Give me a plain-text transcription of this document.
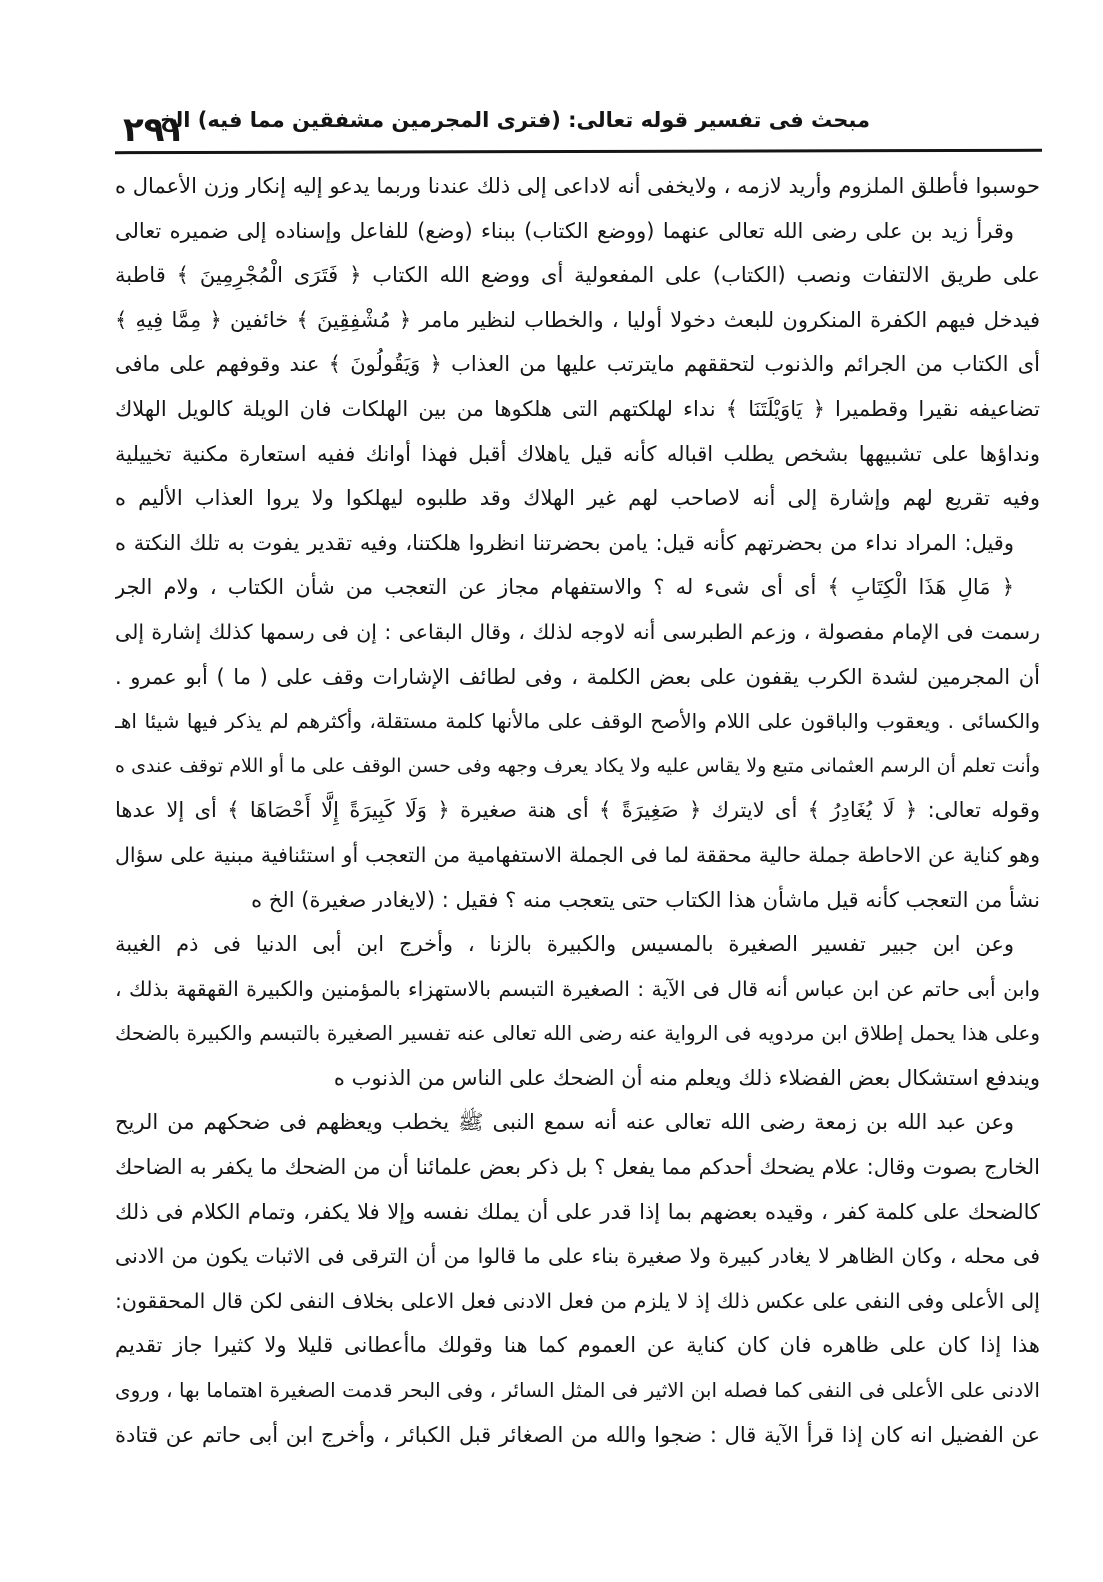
مبحث فى تفسير قوله تعالى: (فترى المجرمين مشفقين مما فيه) الخ
٢٩١
حوسبوا فأطلق الملزوم وأريد لازمه ، ولايخفى أنه لاداعى إلى ذلك عندنا وربما يدعو إليه إنكار وزن الأعمال ه
وقرأ زيد بن على رضى الله تعالى عنهما (ووضع الكتاب) ببناء (وضع) للفاعل وإسناده إلى ضميره تعالى
على طريق الالتفات ونصب (الكتاب) على المفعولية أى ووضع الله الكتاب ﴿ فَتَرَى الْمُجْرِمِينَ ﴾ قاطبة
فيدخل فيهم الكفرة المنكرون للبعث دخولا أوليا ، والخطاب لنظير مامر ﴿ مُشْفِقِينَ ﴾ خائفين ﴿ مِمَّا فِيهِ ﴾
أى الكتاب من الجرائم والذنوب لتحققهم مايترتب عليها من العذاب ﴿ وَيَقُولُونَ ﴾ عند وقوفهم على مافى
تضاعيفه نقيرا وقطميرا ﴿ يَاوَيْلَتَنَا ﴾ نداء لهلكتهم التى هلكوها من بين الهلكات فان الويلة كالويل الهلاك
ونداؤها على تشبيهها بشخص يطلب اقباله كأنه قيل ياهلاك أقبل فهذا أوانك ففيه استعارة مكنية تخييلية
وفيه تقريع لهم وإشارة إلى أنه لاصاحب لهم غير الهلاك وقد طلبوه ليهلكوا ولا يروا العذاب الأليم ه
وقيل: المراد نداء من بحضرتهم كأنه قيل: يامن بحضرتنا انظروا هلكتنا، وفيه تقدير يفوت به تلك النكتة ه
﴿ مَالِ هَذَا الْكِتَابِ ﴾ أى أى شىء له ؟ والاستفهام مجاز عن التعجب من شأن الكتاب ، ولام الجر
رسمت فى الإمام مفصولة ، وزعم الطبرسى أنه لاوجه لذلك ، وقال البقاعى : إن فى رسمها كذلك إشارة إلى
أن المجرمين لشدة الكرب يقفون على بعض الكلمة ، وفى لطائف الإشارات وقف على ( ما ) أبو عمرو .
والكسائى . ويعقوب والباقون على اللام والأصح الوقف على مالأنها كلمة مستقلة، وأكثرهم لم يذكر فيها شيئا اهـ
وأنت تعلم أن الرسم العثمانى متبع ولا يقاس عليه ولا يكاد يعرف وجهه وفى حسن الوقف على ما أو اللام توقف عندى ه
وقوله تعالى: ﴿ لَا يُغَادِرُ ﴾ أى لايترك ﴿ صَغِيرَةً ﴾ أى هنة صغيرة ﴿ وَلَا كَبِيرَةً إِلَّا أَحْصَاهَا ﴾ أى إلا عدها
وهو كناية عن الاحاطة جملة حالية محققة لما فى الجملة الاستفهامية من التعجب أو استئنافية مبنية على سؤال
نشأ من التعجب كأنه قيل ماشأن هذا الكتاب حتى يتعجب منه ؟ فقيل : (لايغادر صغيرة) الخ ه
وعن ابن جبير تفسير الصغيرة بالمسيس والكبيرة بالزنا ، وأخرج ابن أبى الدنيا فى ذم الغيبة
وابن أبى حاتم عن ابن عباس أنه قال فى الآية : الصغيرة التبسم بالاستهزاء بالمؤمنين والكبيرة القهقهة بذلك ،
وعلى هذا يحمل إطلاق ابن مردويه فى الرواية عنه رضى الله تعالى عنه تفسير الصغيرة بالتبسم والكبيرة بالضحك
ويندفع استشكال بعض الفضلاء ذلك ويعلم منه أن الضحك على الناس من الذنوب ه
وعن عبد الله بن زمعة رضى الله تعالى عنه أنه سمع النبى ﷺ يخطب ويعظهم فى ضحكهم من الريح
الخارج بصوت وقال: علام يضحك أحدكم مما يفعل ؟ بل ذكر بعض علمائنا أن من الضحك ما يكفر به الضاحك
كالضحك على كلمة كفر ، وقيده بعضهم بما إذا قدر على أن يملك نفسه وإلا فلا يكفر، وتمام الكلام فى ذلك
فى محله ، وكان الظاهر لا يغادر كبيرة ولا صغيرة بناء على ما قالوا من أن الترقى فى الاثبات يكون من الادنى
إلى الأعلى وفى النفى على عكس ذلك إذ لا يلزم من فعل الادنى فعل الاعلى بخلاف النفى لكن قال المحققون:
هذا إذا كان على ظاهره فان كان كناية عن العموم كما هنا وقولك ماأعطانى قليلا ولا كثيرا جاز تقديم
الادنى على الأعلى فى النفى كما فصله ابن الاثير فى المثل السائر ، وفى البحر قدمت الصغيرة اهتماما بها ، وروى
عن الفضيل انه كان إذا قرأ الآية قال : ضجوا والله من الصغائر قبل الكبائر ، وأخرج ابن أبى حاتم عن قتادة
